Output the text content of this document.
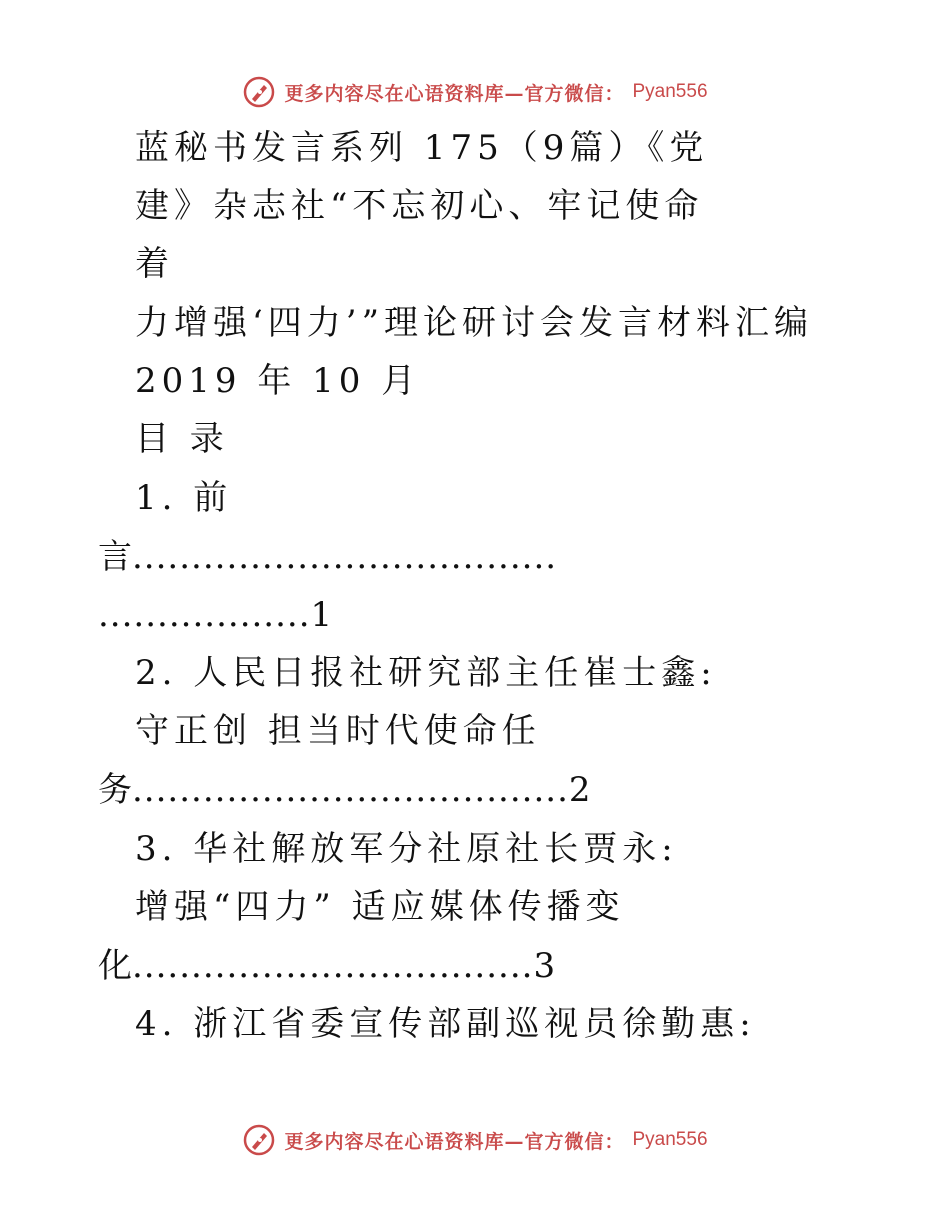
更多内容尽在心语资料库—官方微信： Pyan556
蓝秘书发言系列 175（9篇）《党
建》杂志社“不忘初心、牢记使命
着
力增强‘四力’”理论研讨会发言材料汇编
2019 年 10 月
目 录
1. 前
言....................................
..................1
2. 人民日报社研究部主任崔士鑫:
守正创 担当时代使命任
务.....................................2
3. 华社解放军分社原社长贾永:
增强“四力” 适应媒体传播变
化..................................3
4. 浙江省委宣传部副巡视员徐勤惠:
更多内容尽在心语资料库—官方微信： Pyan556
